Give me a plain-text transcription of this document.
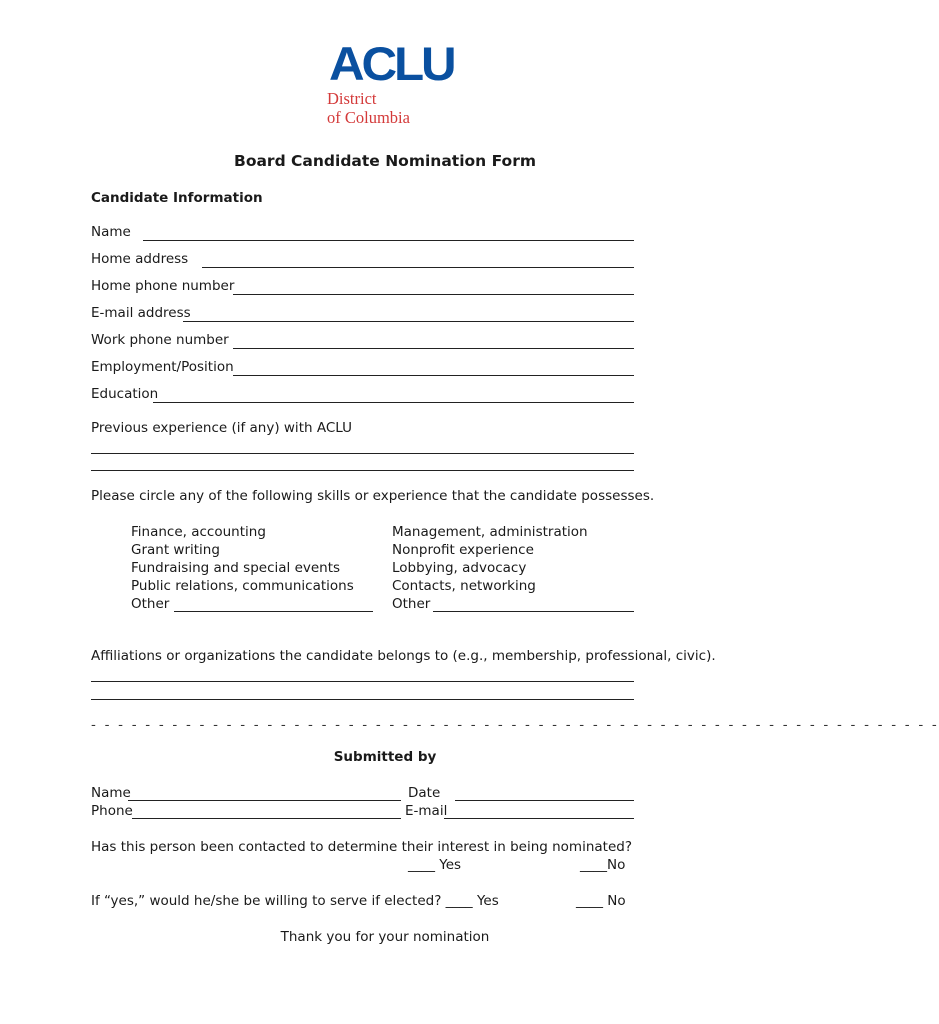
ACLU
District
of Columbia
Board Candidate Nomination Form
Candidate Information
Name
Home address
Home phone number
E-mail address
Work phone number
Employment/Position
Education
Previous experience (if any) with ACLU
Please circle any of the following skills or experience that the candidate possesses.
Finance, accounting
Grant writing
Fundraising and special events
Public relations, communications
Other
Management, administration
Nonprofit experience
Lobbying, advocacy
Contacts, networking
Other
Affiliations or organizations the candidate belongs to (e.g., membership, professional, civic).
- - - - - - - - - - - - - - - - - - - - - - - - - - - - - - - - - - - - - - - - - - - - - - - - - - - - - - - - - - - - - - -
Submitted by
Name	Date
Phone	E-mail
Has this person been contacted to determine their interest in being nominated?
____ Yes	____No
If “yes,” would he/she be willing to serve if elected? ____ Yes	____ No
Thank you for your nomination
